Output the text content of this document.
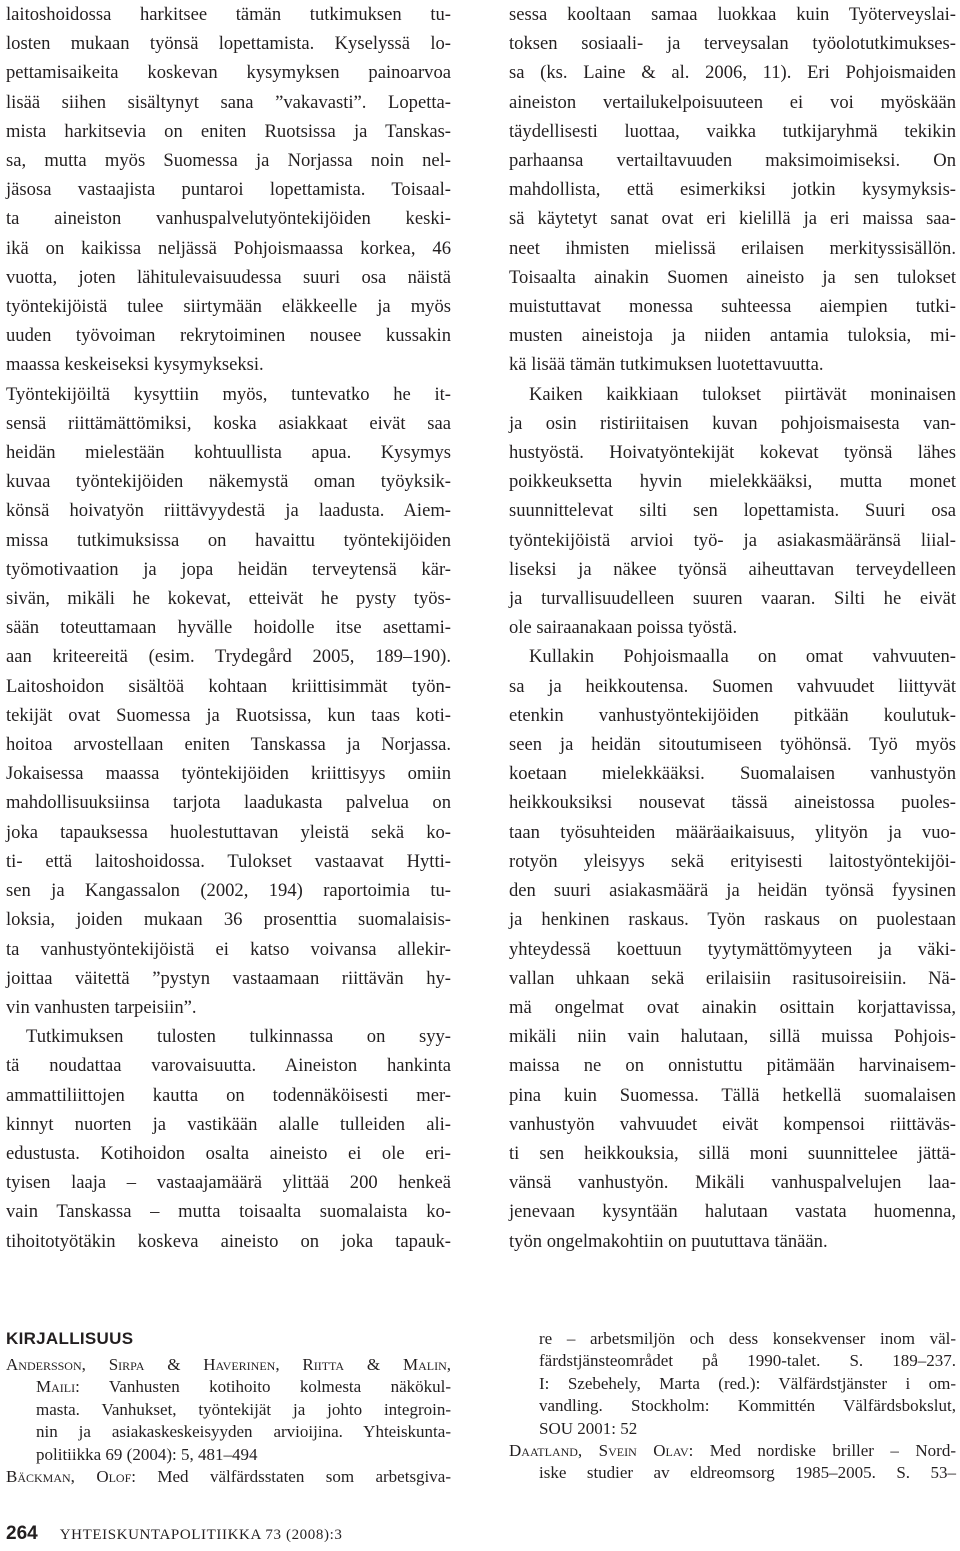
laitoshoidossa harkitsee tämän tutkimuksen tu-
losten mukaan työnsä lopettamista. Kyselyssä lo-
pettamisaikeita koskevan kysymyksen painoarvoa
lisää siihen sisältynyt sana ”vakavasti”. Lopetta-
mista harkitsevia on eniten Ruotsissa ja Tanskas-
sa, mutta myös Suomessa ja Norjassa noin nel-
jäsosa vastaajista puntaroi lopettamista. Toisaal-
ta aineiston vanhuspalvelutyöntekijöiden keski-
ikä on kaikissa neljässä Pohjoismaassa korkea, 46
vuotta, joten lähitulevaisuudessa suuri osa näistä
työntekijöistä tulee siirtymään eläkkeelle ja myös
uuden työvoiman rekrytoiminen nousee kussakin
maassa keskeiseksi kysymykseksi.
Työntekijöiltä kysyttiin myös, tuntevatko he it-
sensä riittämättömiksi, koska asiakkaat eivät saa
heidän mielestään kohtuullista apua. Kysymys
kuvaa työntekijöiden näkemystä oman työyksik-
könsä hoivatyön riittävyydestä ja laadusta. Aiem-
missa tutkimuksissa on havaittu työntekijöiden
työmotivaation ja jopa heidän terveytensä kär-
sivän, mikäli he kokevat, etteivät he pysty työs-
sään toteuttamaan hyvälle hoidolle itse asettami-
aan kriteereitä (esim. Trydegård 2005, 189–190).
Laitoshoidon sisältöä kohtaan kriittisimmät työn-
tekijät ovat Suomessa ja Ruotsissa, kun taas koti-
hoitoa arvostellaan eniten Tanskassa ja Norjassa.
Jokaisessa maassa työntekijöiden kriittisyys omiin
mahdollisuuksiinsa tarjota laadukasta palvelua on
joka tapauksessa huolestuttavan yleistä sekä ko-
ti- että laitoshoidossa. Tulokset vastaavat Hytti-
sen ja Kangassalon (2002, 194) raportoimia tu-
loksia, joiden mukaan 36 prosenttia suomalaisis-
ta vanhustyöntekijöistä ei katso voivansa allekir-
joittaa väitettä ”pystyn vastaamaan riittävän hy-
vin vanhusten tarpeisiin”.
Tutkimuksen tulosten tulkinnassa on syy-
tä noudattaa varovaisuutta. Aineiston hankinta
ammattiliittojen kautta on todennäköisesti mer-
kinnyt nuorten ja vastikään alalle tulleiden ali-
edustusta. Kotihoidon osalta aineisto ei ole eri-
tyisen laaja – vastaajamäärä ylittää 200 henkeä
vain Tanskassa – mutta toisaalta suomalaista ko-
tihoitotyötäkin koskeva aineisto on joka tapauk-
sessa kooltaan samaa luokkaa kuin Työterveyslai-
toksen sosiaali- ja terveysalan työolotutkimukses-
sa (ks. Laine & al. 2006, 11). Eri Pohjoismaiden
aineiston vertailukelpoisuuteen ei voi myöskään
täydellisesti luottaa, vaikka tutkijaryhmä tekikin
parhaansa vertailtavuuden maksimoimiseksi. On
mahdollista, että esimerkiksi jotkin kysymyksis-
sä käytetyt sanat ovat eri kielillä ja eri maissa saa-
neet ihmisten mielissä erilaisen merkityssisällön.
Toisaalta ainakin Suomen aineisto ja sen tulokset
muistuttavat monessa suhteessa aiempien tutki-
musten aineistoja ja niiden antamia tuloksia, mi-
kä lisää tämän tutkimuksen luotettavuutta.
Kaiken kaikkiaan tulokset piirtävät moninaisen
ja osin ristiriitaisen kuvan pohjoismaisesta van-
hustyöstä. Hoivatyöntekijät kokevat työnsä lähes
poikkeuksetta hyvin mielekkääksi, mutta monet
suunnittelevat silti sen lopettamista. Suuri osa
työntekijöistä arvioi työ- ja asiakasmääränsä liial-
liseksi ja näkee työnsä aiheuttavan terveydelleen
ja turvallisuudelleen suuren vaaran. Silti he eivät
ole sairaanakaan poissa työstä.
Kullakin Pohjoismaalla on omat vahvuuten-
sa ja heikkoutensa. Suomen vahvuudet liittyvät
etenkin vanhustyöntekijöiden pitkään koulutuk-
seen ja heidän sitoutumiseen työhönsä. Työ myös
koetaan mielekkääksi. Suomalaisen vanhustyön
heikkouksiksi nousevat tässä aineistossa puoles-
taan työsuhteiden määräaikaisuus, ylityön ja vuo-
rotyön yleisyys sekä erityisesti laitostyöntekijöi-
den suuri asiakasmäärä ja heidän työnsä fyysinen
ja henkinen raskaus. Työn raskaus on puolestaan
yhteydessä koettuun tyytymättömyyteen ja väki-
vallan uhkaan sekä erilaisiin rasitusoireisiin. Nä-
mä ongelmat ovat ainakin osittain korjattavissa,
mikäli niin vain halutaan, sillä muissa Pohjois-
maissa ne on onnistuttu pitämään harvinaisem-
pina kuin Suomessa. Tällä hetkellä suomalaisen
vanhustyön vahvuudet eivät kompensoi riittäväs-
ti sen heikkouksia, sillä moni suunnittelee jättä-
vänsä vanhustyön. Mikäli vanhuspalvelujen laa-
jenevaan kysyntään halutaan vastata huomenna,
työn ongelmakohtiin on puututtava tänään.
KIRJALLISUUS
Andersson, Sirpa & Haverinen, Riitta & Malin,
Maili: Vanhusten kotihoito kolmesta näkökul-
masta. Vanhukset, työntekijät ja johto integroin-
nin ja asiakaskeskeisyyden arvioijina. Yhteiskunta-
politiikka 69 (2004): 5, 481–494
Bäckman, Olof: Med välfärdsstaten som arbetsgiva-
re – arbetsmiljön och dess konsekvenser inom väl-
färdstjänsteområdet på 1990-talet. S. 189–237.
I: Szebehely, Marta (red.): Välfärdstjänster i om-
vandling. Stockholm: Kommittén Välfärdsbokslut,
SOU 2001: 52
Daatland, Svein Olav: Med nordiske briller – Nord-
iske studier av eldreomsorg 1985–2005. S. 53–
264 YHTEISKUNTAPOLITIIKKA 73 (2008):3
